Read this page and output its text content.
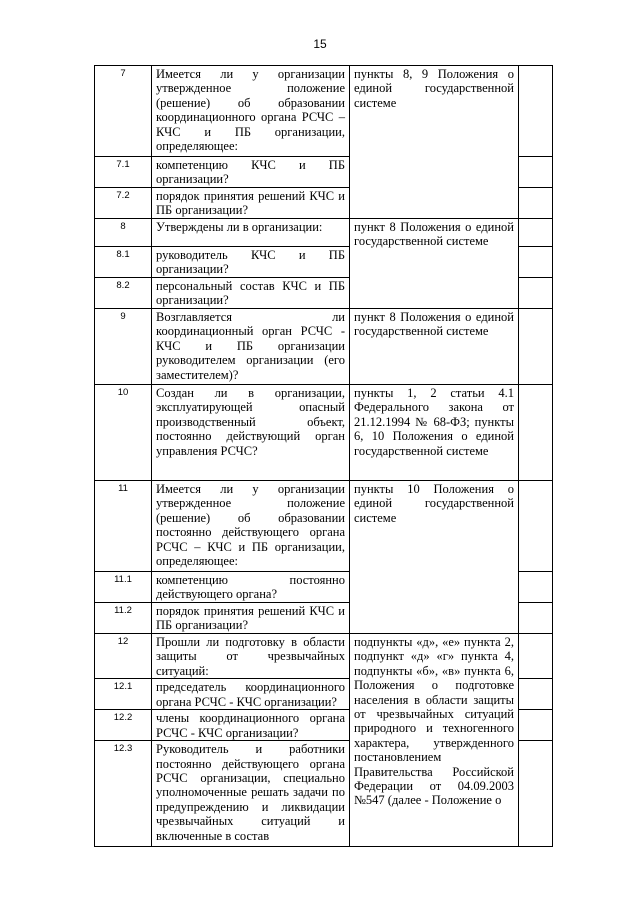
15
7	Имеется ли у организации утвержденное положение (решение) об образовании координационного органа РСЧС – КЧС и ПБ организации, определяющее:	пункты 8, 9 Положения о единой государственной системе	
7.1	компетенцию КЧС и ПБ организации?		
7.2	порядок принятия решений КЧС и ПБ организации?		
8	Утверждены ли в организации:	пункт 8 Положения о единой государственной системе	
8.1	руководитель КЧС и ПБ организации?		
8.2	персональный состав КЧС и ПБ организации?		
9	Возглавляется ли координационный орган РСЧС - КЧС и ПБ организации руководителем организации (его заместителем)?	пункт 8 Положения о единой государственной системе	
10	Создан ли в организации, эксплуатирующей опасный производственный объект, постоянно действующий орган управления РСЧС?	пункты 1, 2 статьи 4.1 Федерального закона от 21.12.1994 № 68-ФЗ; пункты 6, 10 Положения о единой государственной системе	
11	Имеется ли у организации утвержденное положение (решение) об образовании постоянно действующего органа РСЧС – КЧС и ПБ организации, определяющее:	пункты 10 Положения о единой государственной системе	
11.1	компетенцию постоянно действующего органа?		
11.2	порядок принятия решений КЧС и ПБ организации?		
12	Прошли ли подготовку в области защиты от чрезвычайных ситуаций:	подпункты «д», «е» пункта 2, подпункт «д» «г» пункта 4, подпункты «б», «в» пункта 6, Положения о подготовке населения в области защиты от чрезвычайных ситуаций природного и техногенного характера, утвержденного постановлением Правительства Российской Федерации от 04.09.2003 №547 (далее - Положение о	
12.1	председатель координационного органа РСЧС - КЧС организации?		
12.2	члены координационного органа РСЧС - КЧС организации?		
12.3	Руководитель и работники постоянно действующего органа РСЧС организации, специально уполномоченные решать задачи по предупреждению и ликвидации чрезвычайных ситуаций и включенные в состав		
